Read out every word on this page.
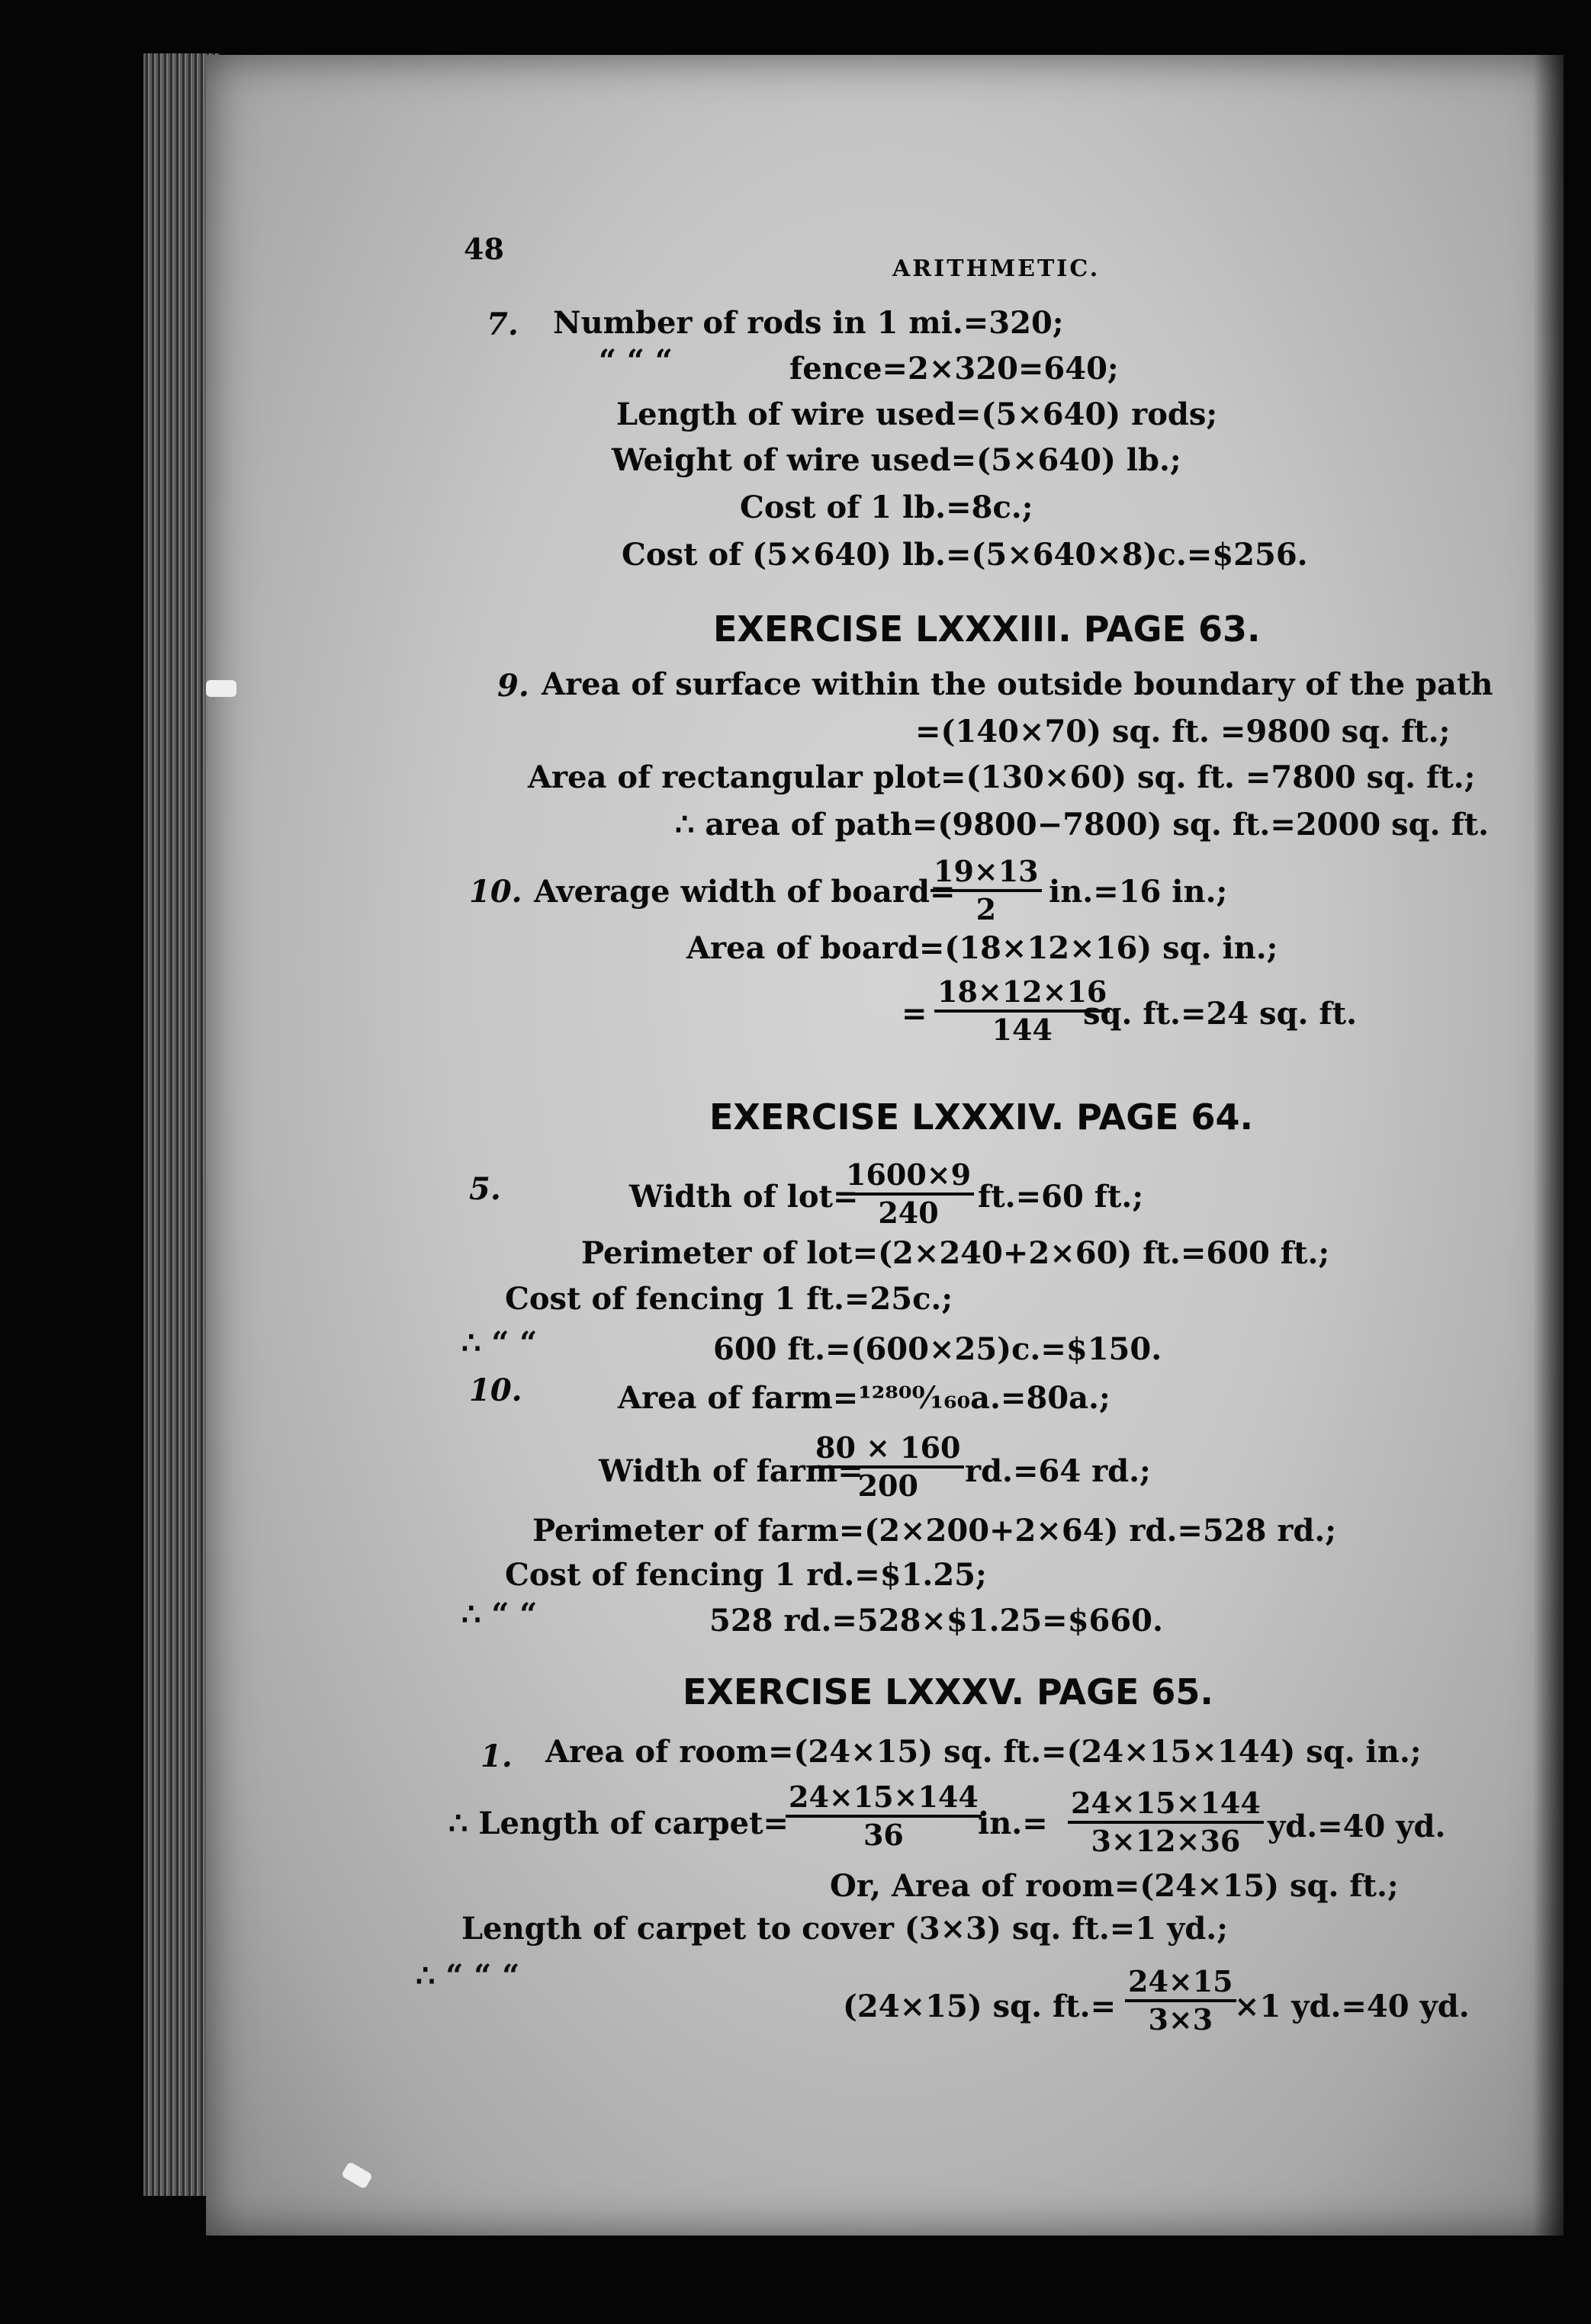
48
ARITHMETIC.
7. Number of rods in 1 mi.=320;
“ “ “	fence=2×320=640;
Length of wire used=(5×640) rods;
Weight of wire used=(5×640) lb.;
Cost of 1 lb.=8c.;
Cost of (5×640) lb.=(5×640×8)c.=$256.
EXERCISE LXXXIII. PAGE 63.
9. Area of surface within the outside boundary of the path
=(140×70) sq. ft. =9800 sq. ft.;
Area of rectangular plot=(130×60) sq. ft. =7800 sq. ft.;
∴ area of path=(9800−7800) sq. ft.=2000 sq. ft.
10. Average width of board=
$\frac{19\times 13}{2} in.=16$ in.;
Area of board=(18×12×16) sq. in.;
= $\frac{18\times 12\times 16}{144}$
sq. ft.=24 sq. ft.
EXERCISE LXXXIV. PAGE 64.
5.	Width of lot=
$\frac{1600\times 9}{240} ft.=60$ ft.;
Perimeter of lot=(2×240+2×60) ft.=600 ft.;
Cost of fencing 1 ft.=25c.;
∴ “ “	600 ft.=(600×25)c.=$150.
10.	Area of farm=¹²⁸⁰⁰⁄₁₆₀a.=80a.;
Width of farm=
$\frac{80 \times 160}{200} rd.=64$ rd.;
Perimeter of farm=(2×200+2×64) rd.=528 rd.;
Cost of fencing 1 rd.=$1.25;
∴ “ “	528 rd.=528×$1.25=$660.
EXERCISE LXXXV. PAGE 65.
1. Area of room=(24×15) sq. ft.=(24×15×144) sq. in.;
∴ Length of carpet=
$\frac{24\times 15\times 144}{36}$
$in.= \frac{24\times 15\times 144}{3\times 12\times 36} yd.=40$ yd.
Or, Area of room=(24×15) sq. ft.;
Length of carpet to cover (3×3) sq. ft.=1 yd.;
∴ “ “ “
(24×15) sq. $ft.= \frac{24\times 15}{3\times 3}$
×1 yd.=40 yd.
